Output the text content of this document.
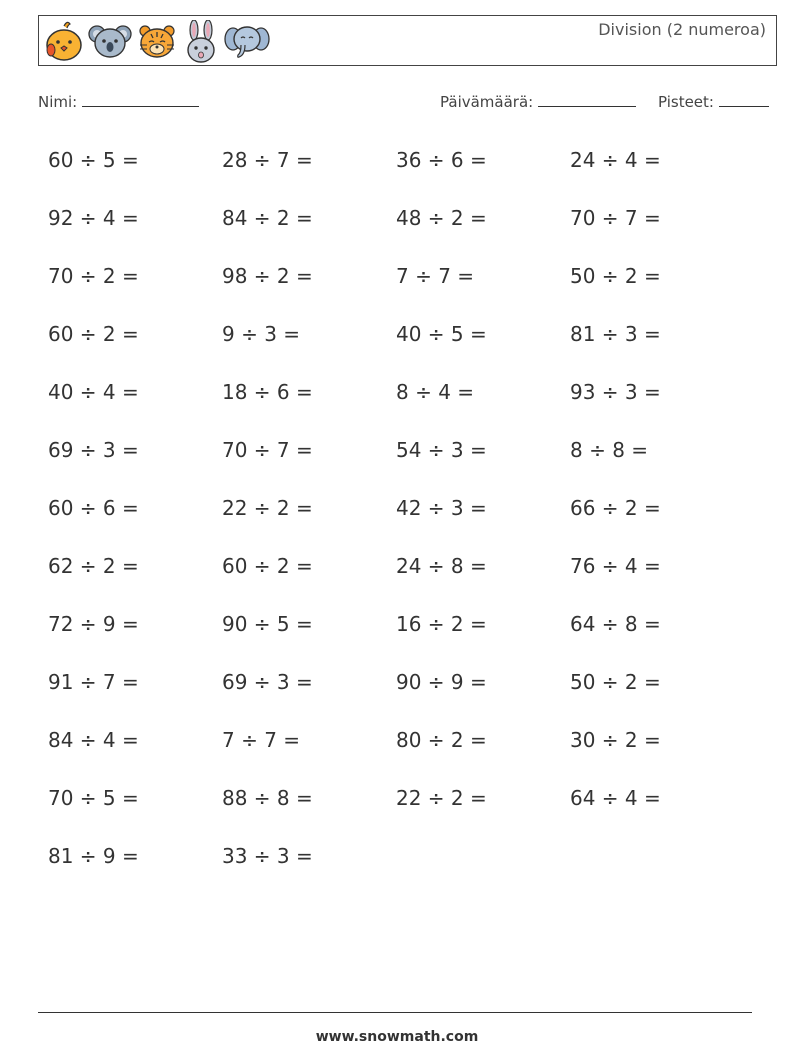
Division (2 numeroa)
Nimi:	Päivämäärä:	Pisteet:
60 ÷ 5 =	28 ÷ 7 =	36 ÷ 6 =	24 ÷ 4 =
92 ÷ 4 =	84 ÷ 2 =	48 ÷ 2 =	70 ÷ 7 =
70 ÷ 2 =	98 ÷ 2 =	7 ÷ 7 =	50 ÷ 2 =
60 ÷ 2 =	9 ÷ 3 =	40 ÷ 5 =	81 ÷ 3 =
40 ÷ 4 =	18 ÷ 6 =	8 ÷ 4 =	93 ÷ 3 =
69 ÷ 3 =	70 ÷ 7 =	54 ÷ 3 =	8 ÷ 8 =
60 ÷ 6 =	22 ÷ 2 =	42 ÷ 3 =	66 ÷ 2 =
62 ÷ 2 =	60 ÷ 2 =	24 ÷ 8 =	76 ÷ 4 =
72 ÷ 9 =	90 ÷ 5 =	16 ÷ 2 =	64 ÷ 8 =
91 ÷ 7 =	69 ÷ 3 =	90 ÷ 9 =	50 ÷ 2 =
84 ÷ 4 =	7 ÷ 7 =	80 ÷ 2 =	30 ÷ 2 =
70 ÷ 5 =	88 ÷ 8 =	22 ÷ 2 =	64 ÷ 4 =
81 ÷ 9 =	33 ÷ 3 =
www.snowmath.com
